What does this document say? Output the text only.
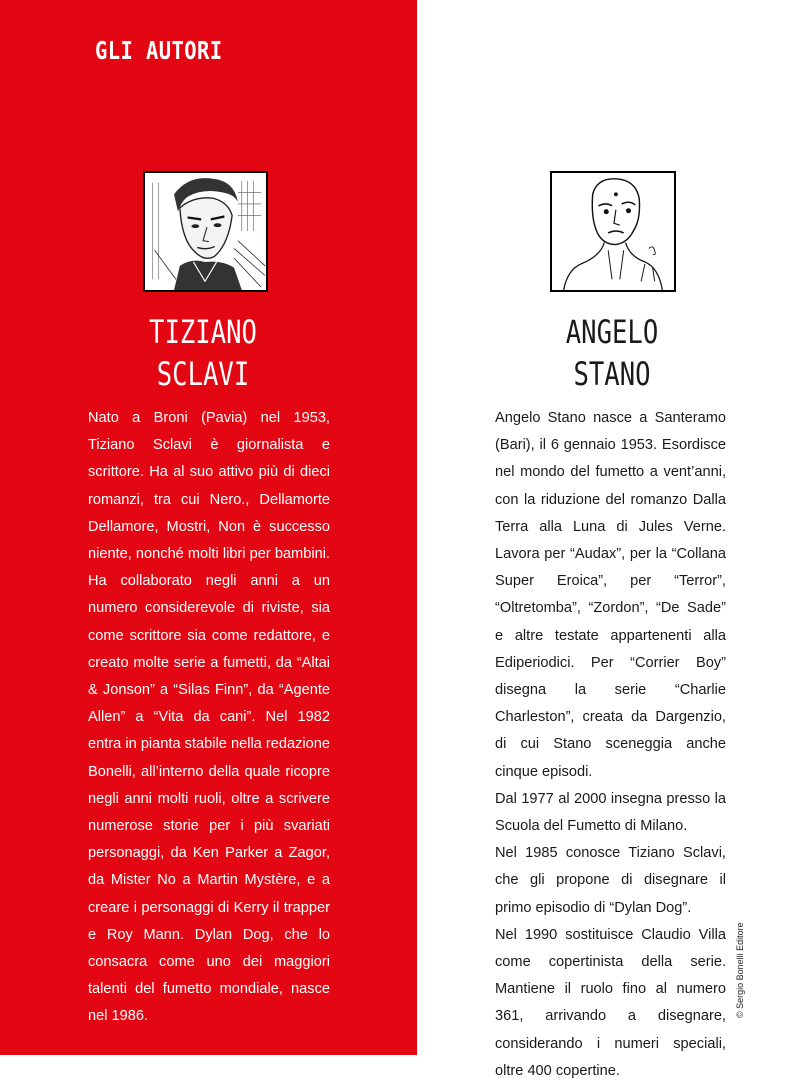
GLI AUTORI
TIZIANO
SCLAVI
ANGELO
STANO

Nato a Broni (Pavia) nel 1953, Tiziano Sclavi è giornalista e scrittore. Ha al suo attivo più di dieci romanzi, tra cui Nero., Dellamorte Dellamore, Mostri, Non è successo niente, nonché molti libri per bambini. Ha collaborato negli anni a un numero considerevole di riviste, sia come scrittore sia come redattore, e creato molte serie a fumetti, da “Altai & Jonson” a “Silas Finn”, da “Agente Allen” a “Vita da cani”. Nel 1982 entra in pianta stabile nella redazione Bonelli, all’interno della quale ricopre negli anni molti ruoli, oltre a scrivere numerose storie per i più svariati personaggi, da Ken Parker a Zagor, da Mister No a Martin Mystère, e a creare i personaggi di Kerry il trapper e Roy Mann. Dylan Dog, che lo consacra come uno dei maggiori talenti del fumetto mondiale, nasce nel 1986.

Angelo Stano nasce a Santeramo (Bari), il 6 gennaio 1953. Esordisce nel mondo del fumetto a vent’anni, con la riduzione del romanzo Dalla Terra alla Luna di Jules Verne. Lavora per “Audax”, per la “Collana Super Eroica”, per “Terror”, “Oltretomba”, “Zordon”, “De Sade” e altre testate appartenenti alla Ediperiodici. Per “Corrier Boy” disegna la serie “Charlie Charleston”, creata da Dargenzio, di cui Stano sceneggia anche cinque episodi.

Dal 1977 al 2000 insegna presso la Scuola del Fumetto di Milano.

Nel 1985 conosce Tiziano Sclavi, che gli propone di disegnare il primo episodio di “Dylan Dog”.

Nel 1990 sostituisce Claudio Villa come copertinista della serie. Mantiene il ruolo fino al numero 361, arrivando a disegnare, considerando i numeri speciali, oltre 400 copertine.

© Sergio Bonelli Editore
